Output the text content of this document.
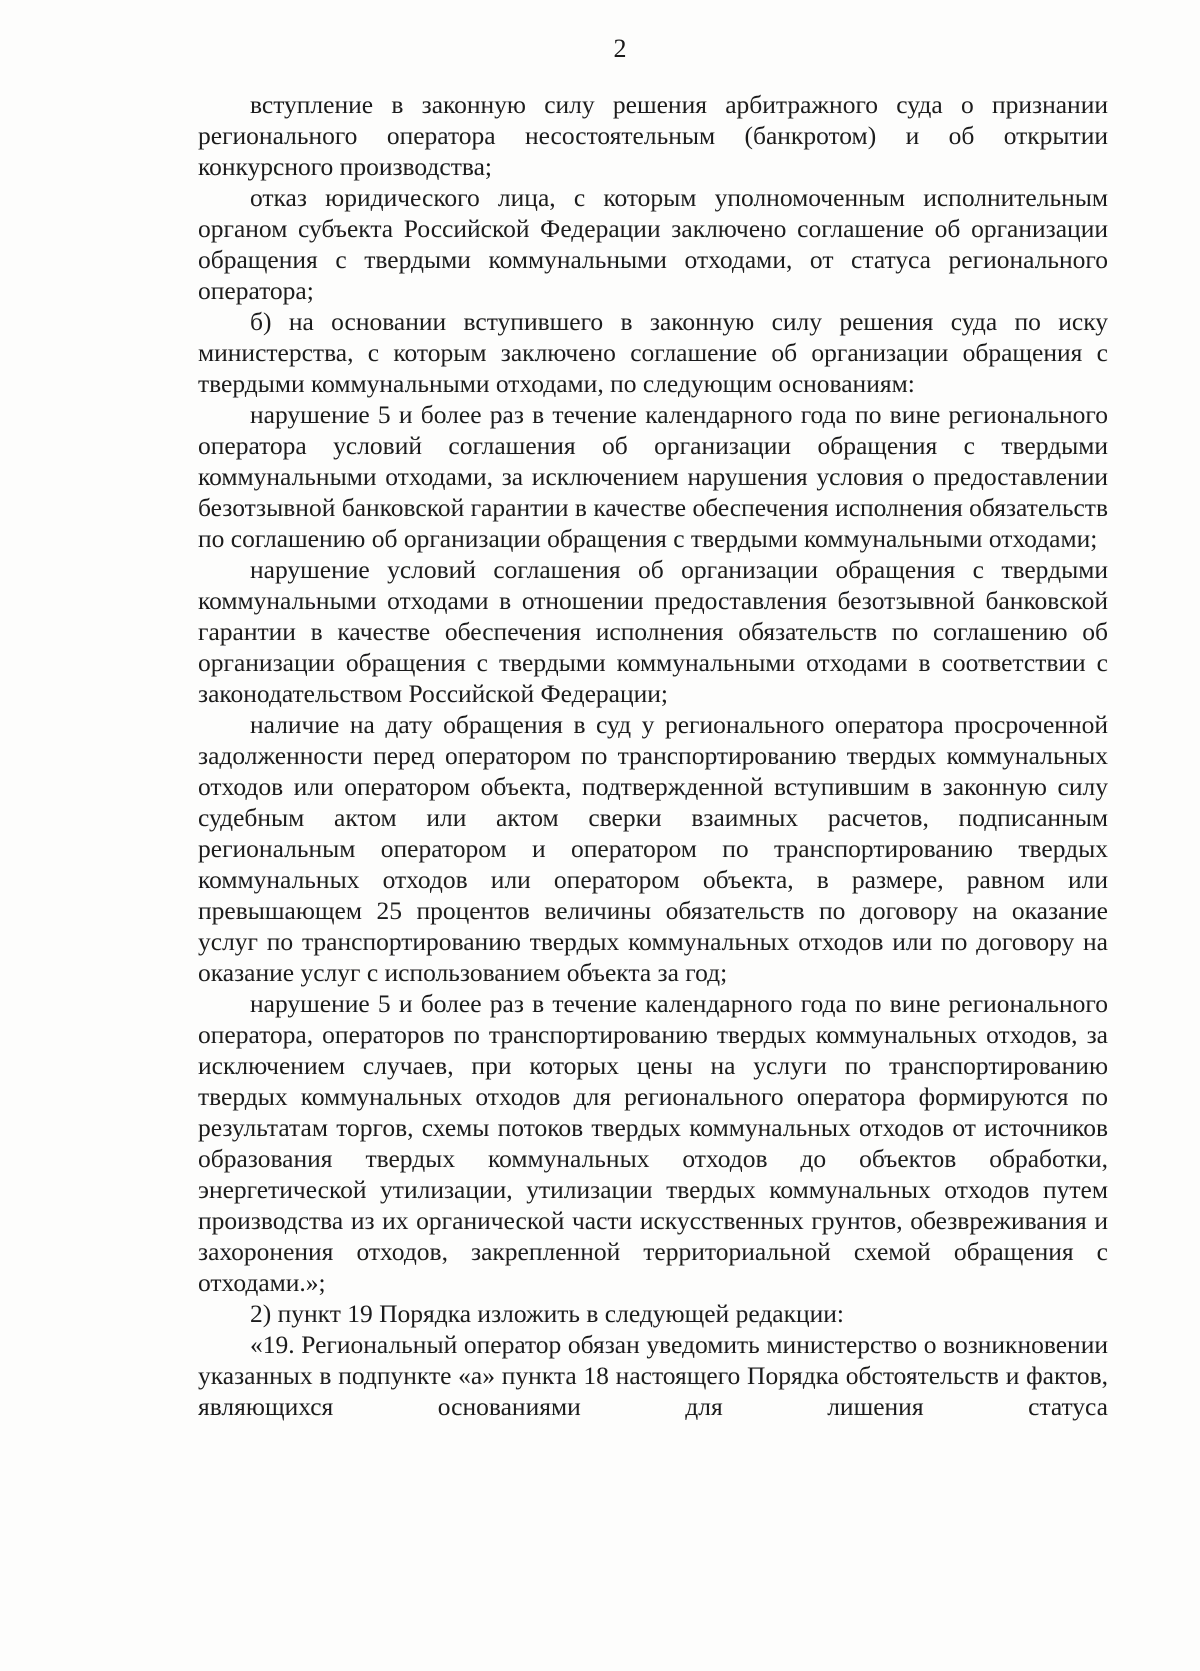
2

вступление в законную силу решения арбитражного суда о признании регионального оператора несостоятельным (банкротом) и об открытии конкурсного производства;

отказ юридического лица, с которым уполномоченным исполнительным органом субъекта Российской Федерации заключено соглашение об организации обращения с твердыми коммунальными отходами, от статуса регионального оператора;

б) на основании вступившего в законную силу решения суда по иску министерства, с которым заключено соглашение об организации обращения с твердыми коммунальными отходами, по следующим основаниям:

нарушение 5 и более раз в течение календарного года по вине регионального оператора условий соглашения об организации обращения с твердыми коммунальными отходами, за исключением нарушения условия о предоставлении безотзывной банковской гарантии в качестве обеспечения исполнения обязательств по соглашению об организации обращения с твердыми коммунальными отходами;

нарушение условий соглашения об организации обращения с твердыми коммунальными отходами в отношении предоставления безотзывной банковской гарантии в качестве обеспечения исполнения обязательств по соглашению об организации обращения с твердыми коммунальными отходами в соответствии с законодательством Российской Федерации;

наличие на дату обращения в суд у регионального оператора просроченной задолженности перед оператором по транспортированию твердых коммунальных отходов или оператором объекта, подтвержденной вступившим в законную силу судебным актом или актом сверки взаимных расчетов, подписанным региональным оператором и оператором по транспортированию твердых коммунальных отходов или оператором объекта, в размере, равном или превышающем 25 процентов величины обязательств по договору на оказание услуг по транспортированию твердых коммунальных отходов или по договору на оказание услуг с использованием объекта за год;

нарушение 5 и более раз в течение календарного года по вине регионального оператора, операторов по транспортированию твердых коммунальных отходов, за исключением случаев, при которых цены на услуги по транспортированию твердых коммунальных отходов для регионального оператора формируются по результатам торгов, схемы потоков твердых коммунальных отходов от источников образования твердых коммунальных отходов до объектов обработки, энергетической утилизации, утилизации твердых коммунальных отходов путем производства из их органической части искусственных грунтов, обезвреживания и захоронения отходов, закрепленной территориальной схемой обращения с отходами.»;

2) пункт 19 Порядка изложить в следующей редакции:

«19. Региональный оператор обязан уведомить министерство о возникновении указанных в подпункте «а» пункта 18 настоящего Порядка обстоятельств и фактов, являющихся основаниями для лишения статуса
